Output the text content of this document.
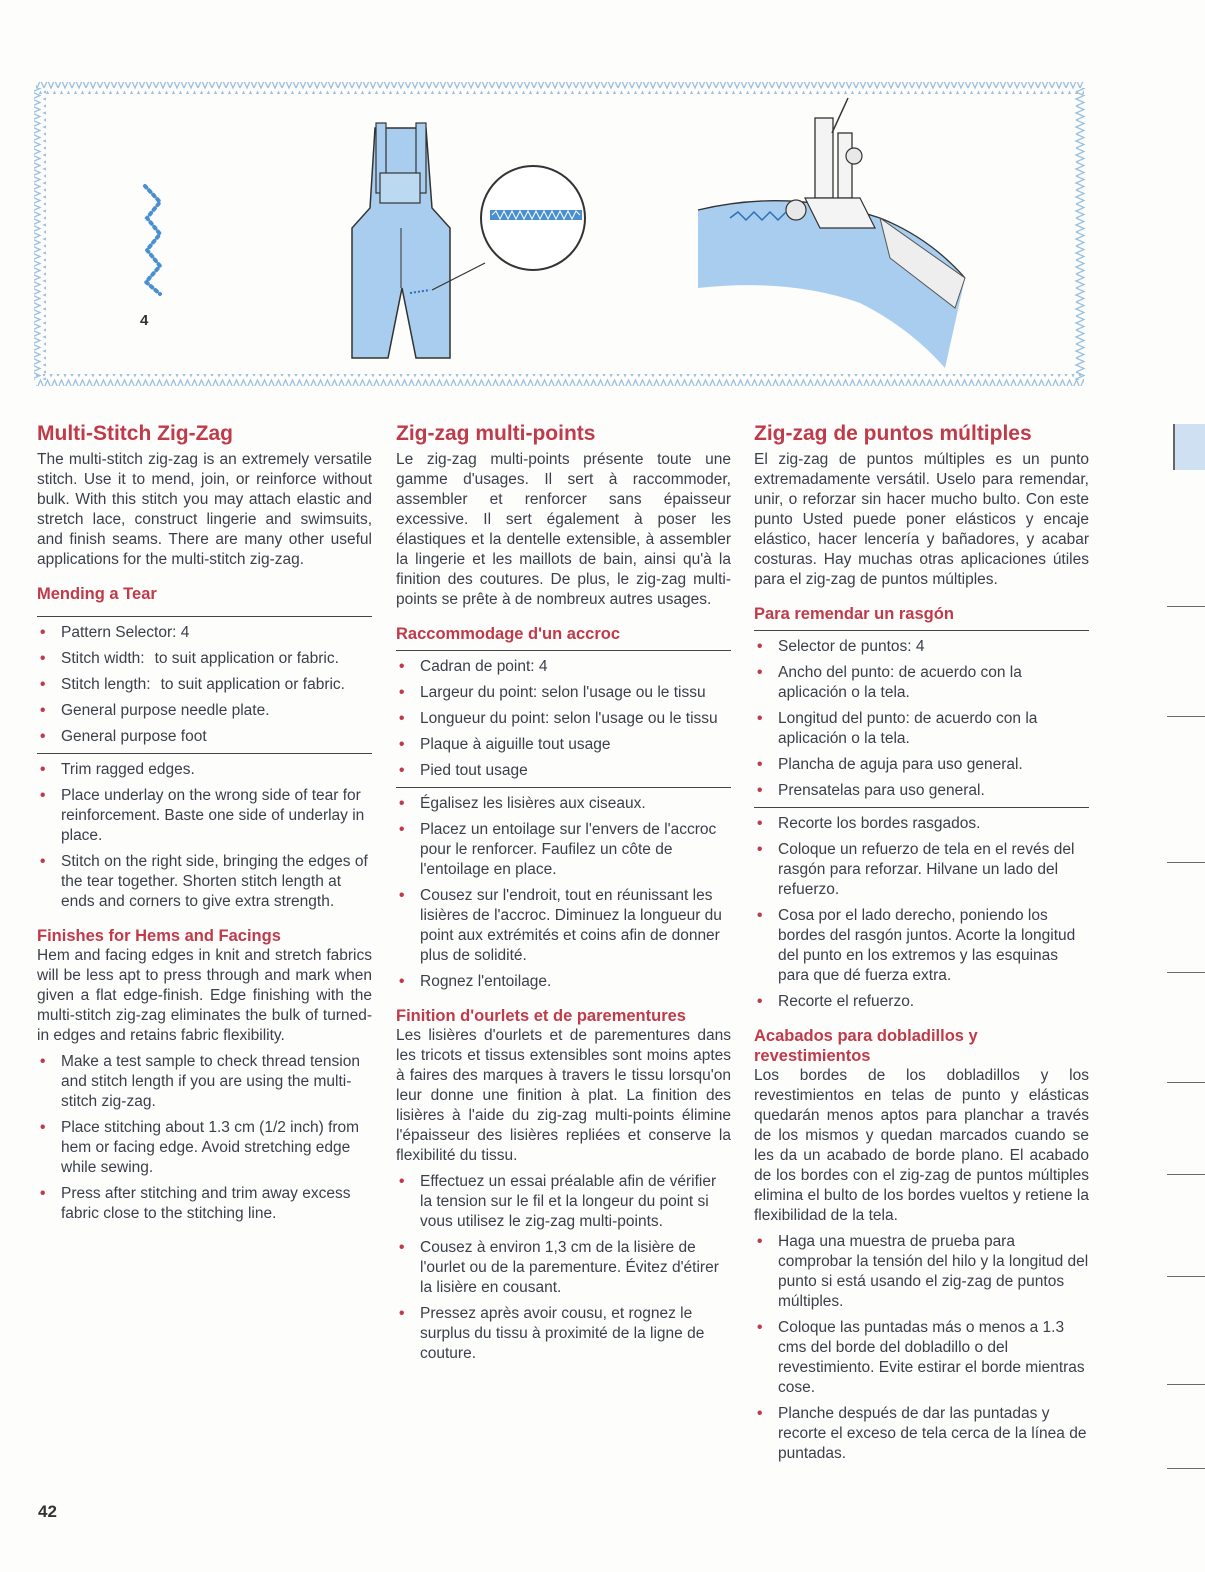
4
Multi-Stitch Zig-Zag

The multi-stitch zig-zag is an extremely versatile stitch. Use it to mend, join, or reinforce without bulk. With this stitch you may attach elastic and stretch lace, construct lingerie and swimsuits, and finish seams. There are many other useful applications for the multi-stitch zig-zag.

Mending a Tear
• Pattern Selector: 4
• Stitch width: to suit application or fabric.
• Stitch length: to suit application or fabric.
• General purpose needle plate.
• General purpose foot
• Trim ragged edges.
• Place underlay on the wrong side of tear for reinforcement. Baste one side of underlay in place.
• Stitch on the right side, bringing the edges of the tear together. Shorten stitch length at ends and corners to give extra strength.
Finishes for Hems and Facings

Hem and facing edges in knit and stretch fabrics will be less apt to press through and mark when given a flat edge-finish. Edge finishing with the multi-stitch zig-zag eliminates the bulk of turned-in edges and retains fabric flexibility.

• Make a test sample to check thread tension and stitch length if you are using the multi-stitch zig-zag.
• Place stitching about 1.3 cm (1/2 inch) from hem or facing edge. Avoid stretching edge while sewing.
• Press after stitching and trim away excess fabric close to the stitching line.
Zig-zag multi-points

Le zig-zag multi-points présente toute une gamme d'usages. Il sert à raccommoder, assembler et renforcer sans épaisseur excessive. Il sert également à poser les élastiques et la dentelle extensible, à assembler la lingerie et les maillots de bain, ainsi qu'à la finition des coutures. De plus, le zig-zag multi-points se prête à de nombreux autres usages.

Raccommodage d'un accroc
• Cadran de point: 4
• Largeur du point: selon l'usage ou le tissu
• Longueur du point: selon l'usage ou le tissu
• Plaque à aiguille tout usage
• Pied tout usage
• Égalisez les lisières aux ciseaux.
• Placez un entoilage sur l'envers de l'accroc pour le renforcer. Faufilez un côte de l'entoilage en place.
• Cousez sur l'endroit, tout en réunissant les lisières de l'accroc. Diminuez la longueur du point aux extrémités et coins afin de donner plus de solidité.
• Rognez l'entoilage.
Finition d'ourlets et de parementures

Les lisières d'ourlets et de parementures dans les tricots et tissus extensibles sont moins aptes à faires des marques à travers le tissu lorsqu'on leur donne une finition à plat. La finition des lisières à l'aide du zig-zag multi-points élimine l'épaisseur des lisières repliées et conserve la flexibilité du tissu.

• Effectuez un essai préalable afin de vérifier la tension sur le fil et la longeur du point si vous utilisez le zig-zag multi-points.
• Cousez à environ 1,3 cm de la lisière de l'ourlet ou de la parementure. Évitez d'étirer la lisière en cousant.
• Pressez après avoir cousu, et rognez le surplus du tissu à proximité de la ligne de couture.
Zig-zag de puntos múltiples

El zig-zag de puntos múltiples es un punto extremadamente versátil. Uselo para remendar, unir, o reforzar sin hacer mucho bulto. Con este punto Usted puede poner elásticos y encaje elástico, hacer lencería y bañadores, y acabar costuras. Hay muchas otras aplicaciones útiles para el zig-zag de puntos múltiples.

Para remendar un rasgón
• Selector de puntos: 4
• Ancho del punto: de acuerdo con la aplicación o la tela.
• Longitud del punto: de acuerdo con la aplicación o la tela.
• Plancha de aguja para uso general.
• Prensatelas para uso general.
• Recorte los bordes rasgados.
• Coloque un refuerzo de tela en el revés del rasgón para reforzar. Hilvane un lado del refuerzo.
• Cosa por el lado derecho, poniendo los bordes del rasgón juntos. Acorte la longitud del punto en los extremos y las esquinas para que dé fuerza extra.
• Recorte el refuerzo.
Acabados para dobladillos y revestimientos

Los bordes de los dobladillos y los revestimientos en telas de punto y elásticas quedarán menos aptos para planchar a través de los mismos y quedan marcados cuando se les da un acabado de borde plano. El acabado de los bordes con el zig-zag de puntos múltiples elimina el bulto de los bordes vueltos y retiene la flexibilidad de la tela.

• Haga una muestra de prueba para comprobar la tensión del hilo y la longitud del punto si está usando el zig-zag de puntos múltiples.
• Coloque las puntadas más o menos a 1.3 cms del borde del dobladillo o del revestimiento. Evite estirar el borde mientras cose.
• Planche después de dar las puntadas y recorte el exceso de tela cerca de la línea de puntadas.
42
